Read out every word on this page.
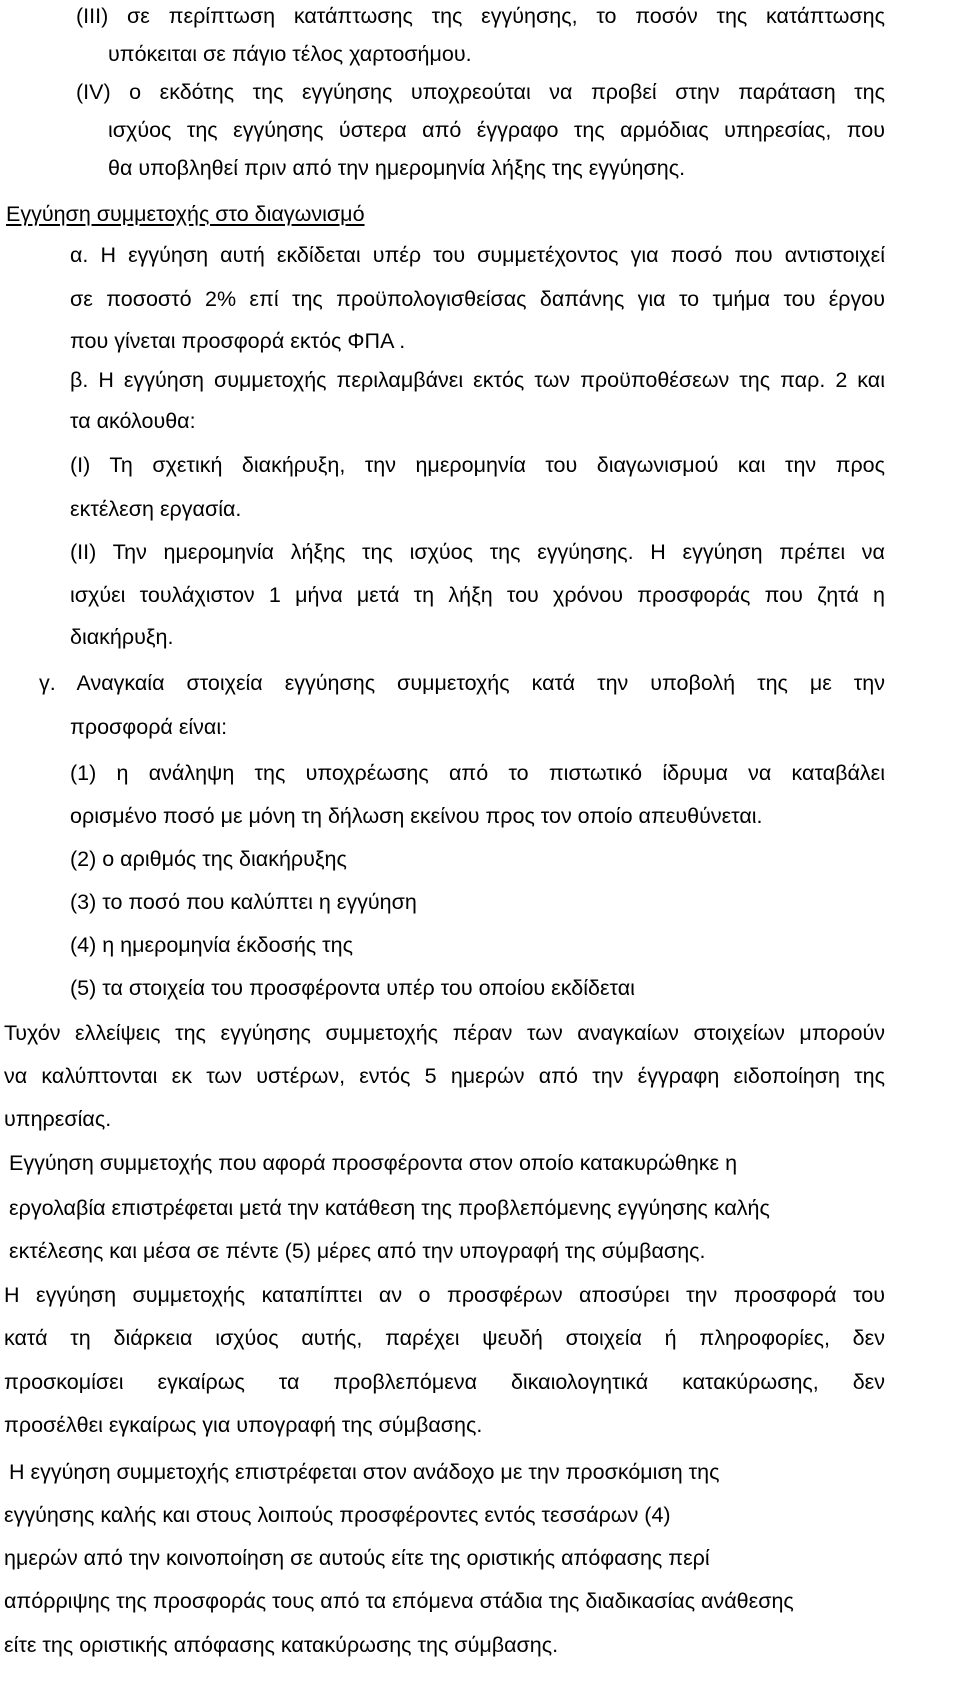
(III) σε περίπτωση κατάπτωσης της εγγύησης, το ποσόν της κατάπτωσης
υπόκειται σε πάγιο τέλος χαρτοσήμου.
(IV) ο εκδότης της εγγύησης υποχρεούται να προβεί στην παράταση της
ισχύος της εγγύησης ύστερα από έγγραφο της αρμόδιας υπηρεσίας, που
θα υποβληθεί πριν από την ημερομηνία λήξης της εγγύησης.
Εγγύηση συμμετοχής στο διαγωνισμό
α. Η εγγύηση αυτή εκδίδεται υπέρ του συμμετέχοντος για ποσό που αντιστοιχεί
σε ποσοστό 2% επί της προϋπολογισθείσας δαπάνης για το τμήμα του έργου
που γίνεται προσφορά εκτός ΦΠΑ .
β. Η εγγύηση συμμετοχής περιλαμβάνει εκτός των προϋποθέσεων της παρ. 2 και
τα ακόλουθα:
(Ι) Τη σχετική διακήρυξη, την ημερομηνία του διαγωνισμού και την προς
εκτέλεση εργασία.
(ΙΙ) Την ημερομηνία λήξης της ισχύος της εγγύησης. Η εγγύηση πρέπει να
ισχύει τουλάχιστον 1 μήνα μετά τη λήξη του χρόνου προσφοράς που ζητά η
διακήρυξη.
γ. Αναγκαία στοιχεία εγγύησης συμμετοχής κατά την υποβολή της με την
προσφορά είναι:
(1) η ανάληψη της υποχρέωσης από το πιστωτικό ίδρυμα να καταβάλει
ορισμένο ποσό με μόνη τη δήλωση εκείνου προς τον οποίο απευθύνεται.
(2) ο αριθμός της διακήρυξης
(3) το ποσό που καλύπτει η εγγύηση
(4) η ημερομηνία έκδοσής της
(5) τα στοιχεία του προσφέροντα υπέρ του οποίου εκδίδεται
Τυχόν ελλείψεις της εγγύησης συμμετοχής πέραν των αναγκαίων στοιχείων μπορούν
να καλύπτονται εκ των υστέρων, εντός 5 ημερών από την έγγραφη ειδοποίηση της
υπηρεσίας.
Εγγύηση συμμετοχής που αφορά προσφέροντα στον οποίο κατακυρώθηκε η
εργολαβία επιστρέφεται μετά την κατάθεση της προβλεπόμενης εγγύησης καλής
εκτέλεσης και μέσα σε πέντε (5) μέρες από την υπογραφή της σύμβασης.
Η εγγύηση συμμετοχής καταπίπτει αν ο προσφέρων αποσύρει την προσφορά του
κατά τη διάρκεια ισχύος αυτής, παρέχει ψευδή στοιχεία ή πληροφορίες, δεν
προσκομίσει εγκαίρως τα προβλεπόμενα δικαιολογητικά κατακύρωσης, δεν
προσέλθει εγκαίρως για υπογραφή της σύμβασης.
Η εγγύηση συμμετοχής επιστρέφεται στον ανάδοχο με την προσκόμιση της
εγγύησης καλής και στους λοιπούς προσφέροντες εντός τεσσάρων (4)
ημερών από την κοινοποίηση σε αυτούς είτε της οριστικής απόφασης περί
απόρριψης της προσφοράς τους από τα επόμενα στάδια της διαδικασίας ανάθεσης
είτε της οριστικής απόφασης κατακύρωσης της σύμβασης.
